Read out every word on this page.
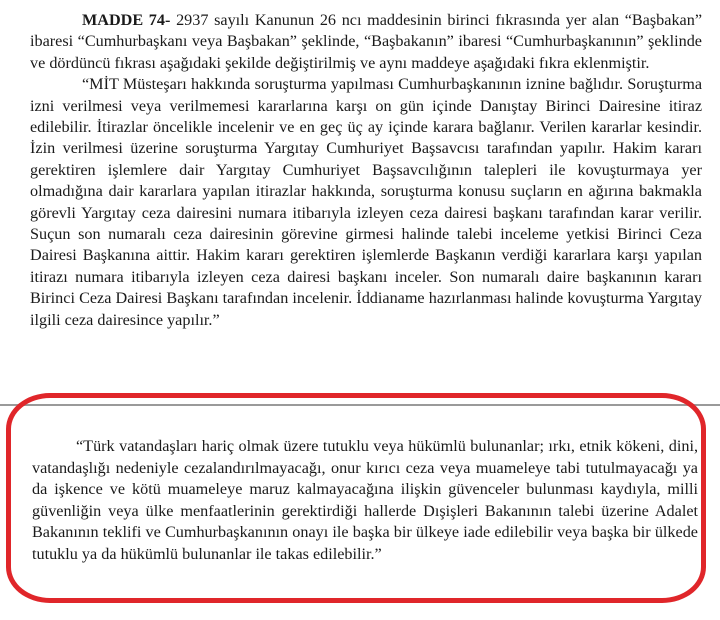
MADDE 74- 2937 sayılı Kanunun 26 ncı maddesinin birinci fıkrasında yer alan “Başbakan” ibaresi “Cumhurbaşkanı veya Başbakan” şeklinde, “Başbakanın” ibaresi “Cumhurbaşkanının” şeklinde ve dördüncü fıkrası aşağıdaki şekilde değiştirilmiş ve aynı maddeye aşağıdaki fıkra eklenmiştir.

“MİT Müsteşarı hakkında soruşturma yapılması Cumhurbaşkanının iznine bağlıdır. Soruşturma izni verilmesi veya verilmemesi kararlarına karşı on gün içinde Danıştay Birinci Dairesine itiraz edilebilir. İtirazlar öncelikle incelenir ve en geç üç ay içinde karara bağlanır. Verilen kararlar kesindir. İzin verilmesi üzerine soruşturma Yargıtay Cumhuriyet Başsavcısı tarafından yapılır. Hakim kararı gerektiren işlemlere dair Yargıtay Cumhuriyet Başsavcılığının talepleri ile kovuşturmaya yer olmadığına dair kararlara yapılan itirazlar hakkında, soruşturma konusu suçların en ağırına bakmakla görevli Yargıtay ceza dairesini numara itibarıyla izleyen ceza dairesi başkanı tarafından karar verilir. Suçun son numaralı ceza dairesinin görevine girmesi halinde talebi inceleme yetkisi Birinci Ceza Dairesi Başkanına aittir. Hakim kararı gerektiren işlemlerde Başkanın verdiği kararlara karşı yapılan itirazı numara itibarıyla izleyen ceza dairesi başkanı inceler. Son numaralı daire başkanının kararı Birinci Ceza Dairesi Başkanı tarafından incelenir. İddianame hazırlanması halinde kovuşturma Yargıtay ilgili ceza dairesince yapılır.”

“Türk vatandaşları hariç olmak üzere tutuklu veya hükümlü bulunanlar; ırkı, etnik kökeni, dini, vatandaşlığı nedeniyle cezalandırılmayacağı, onur kırıcı ceza veya muameleye tabi tutulmayacağı ya da işkence ve kötü muameleye maruz kalmayacağına ilişkin güvenceler bulunması kaydıyla, milli güvenliğin veya ülke menfaatlerinin gerektirdiği hallerde Dışişleri Bakanının talebi üzerine Adalet Bakanının teklifi ve Cumhurbaşkanının onayı ile başka bir ülkeye iade edilebilir veya başka bir ülkede tutuklu ya da hükümlü bulunanlar ile takas edilebilir.”
